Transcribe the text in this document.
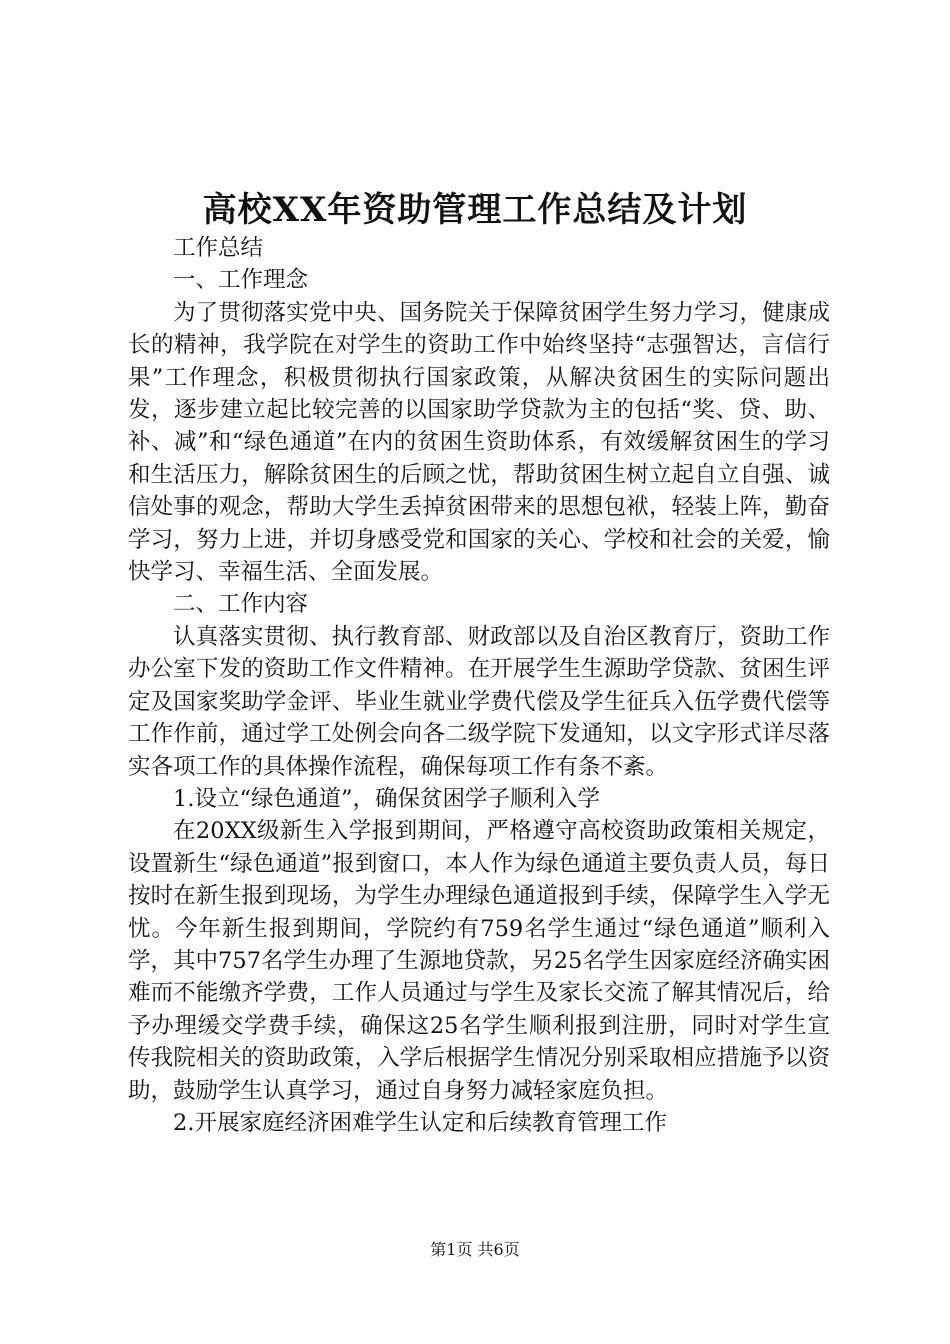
高校XX年资助管理工作总结及计划

工作总结

一、工作理念

为了贯彻落实党中央、国务院关于保障贫困学生努力学习，健康成长的精神，我学院在对学生的资助工作中始终坚持“志强智达，言信行果”工作理念，积极贯彻执行国家政策，从解决贫困生的实际问题出发，逐步建立起比较完善的以国家助学贷款为主的包括“奖、贷、助、补、减”和“绿色通道”在内的贫困生资助体系，有效缓解贫困生的学习和生活压力，解除贫困生的后顾之忧，帮助贫困生树立起自立自强、诚信处事的观念，帮助大学生丢掉贫困带来的思想包袱，轻装上阵，勤奋学习，努力上进，并切身感受党和国家的关心、学校和社会的关爱，愉快学习、幸福生活、全面发展。

二、工作内容

认真落实贯彻、执行教育部、财政部以及自治区教育厅，资助工作办公室下发的资助工作文件精神。在开展学生生源助学贷款、贫困生评定及国家奖助学金评、毕业生就业学费代偿及学生征兵入伍学费代偿等工作作前，通过学工处例会向各二级学院下发通知，以文字形式详尽落实各项工作的具体操作流程，确保每项工作有条不紊。

1.设立“绿色通道”，确保贫困学子顺利入学

在20XX级新生入学报到期间，严格遵守高校资助政策相关规定，设置新生“绿色通道”报到窗口，本人作为绿色通道主要负责人员，每日按时在新生报到现场，为学生办理绿色通道报到手续，保障学生入学无忧。今年新生报到期间，学院约有759名学生通过“绿色通道”顺利入学，其中757名学生办理了生源地贷款，另25名学生因家庭经济确实困难而不能缴齐学费，工作人员通过与学生及家长交流了解其情况后，给予办理缓交学费手续，确保这25名学生顺利报到注册，同时对学生宣传我院相关的资助政策，入学后根据学生情况分别采取相应措施予以资助，鼓励学生认真学习，通过自身努力减轻家庭负担。

2.开展家庭经济困难学生认定和后续教育管理工作

第1页 共6页
